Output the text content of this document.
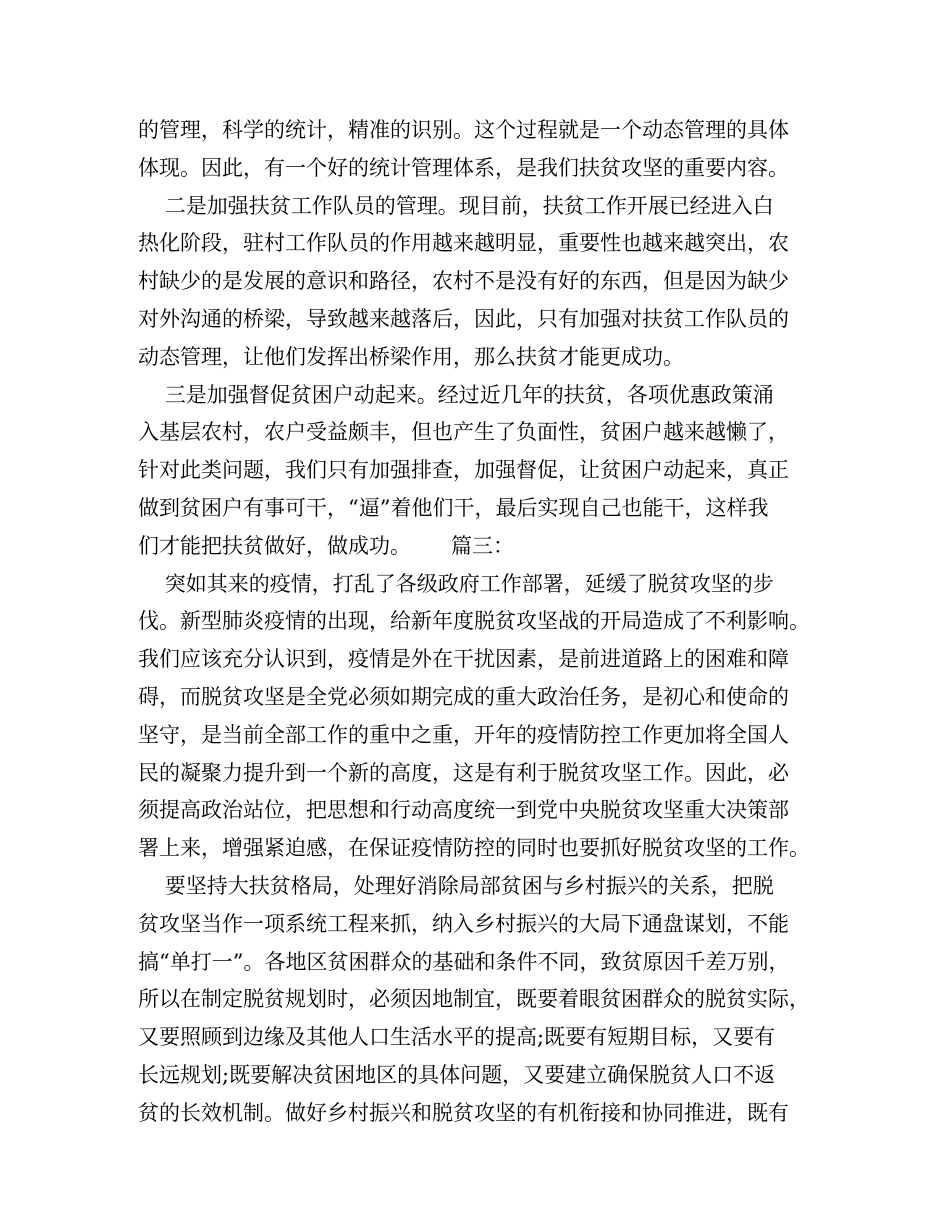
的管理，科学的统计，精准的识别。这个过程就是一个动态管理的具体
体现。因此，有一个好的统计管理体系，是我们扶贫攻坚的重要内容。
二是加强扶贫工作队员的管理。现目前，扶贫工作开展已经进入白
热化阶段，驻村工作队员的作用越来越明显，重要性也越来越突出，农
村缺少的是发展的意识和路径，农村不是没有好的东西，但是因为缺少
对外沟通的桥梁，导致越来越落后，因此，只有加强对扶贫工作队员的
动态管理，让他们发挥出桥梁作用，那么扶贫才能更成功。
三是加强督促贫困户动起来。经过近几年的扶贫，各项优惠政策涌
入基层农村，农户受益颇丰，但也产生了负面性，贫困户越来越懒了，
针对此类问题，我们只有加强排查，加强督促，让贫困户动起来，真正
做到贫困户有事可干，“逼”着他们干，最后实现自己也能干，这样我
们才能把扶贫做好，做成功。      篇三：
突如其来的疫情，打乱了各级政府工作部署，延缓了脱贫攻坚的步
伐。新型肺炎疫情的出现，给新年度脱贫攻坚战的开局造成了不利影响。
我们应该充分认识到，疫情是外在干扰因素，是前进道路上的困难和障
碍，而脱贫攻坚是全党必须如期完成的重大政治任务，是初心和使命的
坚守，是当前全部工作的重中之重，开年的疫情防控工作更加将全国人
民的凝聚力提升到一个新的高度，这是有利于脱贫攻坚工作。因此，必
须提高政治站位，把思想和行动高度统一到党中央脱贫攻坚重大决策部
署上来，增强紧迫感，在保证疫情防控的同时也要抓好脱贫攻坚的工作。
要坚持大扶贫格局，处理好消除局部贫困与乡村振兴的关系，把脱
贫攻坚当作一项系统工程来抓，纳入乡村振兴的大局下通盘谋划，不能
搞“单打一”。各地区贫困群众的基础和条件不同，致贫原因千差万别，
所以在制定脱贫规划时，必须因地制宜，既要着眼贫困群众的脱贫实际，
又要照顾到边缘及其他人口生活水平的提高;既要有短期目标，又要有
长远规划;既要解决贫困地区的具体问题，又要建立确保脱贫人口不返
贫的长效机制。做好乡村振兴和脱贫攻坚的有机衔接和协同推进，既有
